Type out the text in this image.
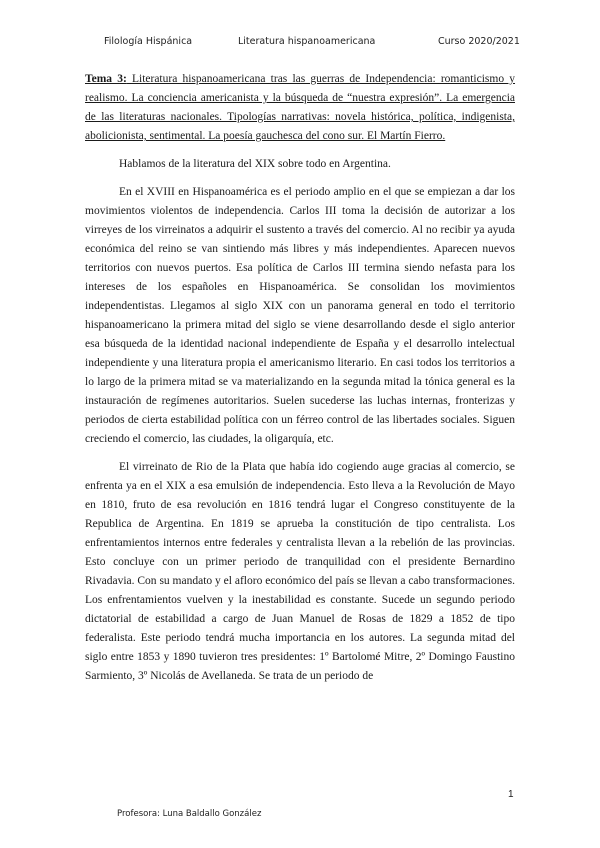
Filología Hispánica	Literatura hispanoamericana	Curso 2020/2021

Tema 3: Literatura hispanoamericana tras las guerras de Independencia: romanticismo y realismo. La conciencia americanista y la búsqueda de “nuestra expresión”. La emergencia de las literaturas nacionales. Tipologías narrativas: novela histórica, política, indigenista, abolicionista, sentimental. La poesía gauchesca del cono sur. El Martín Fierro.

Hablamos de la literatura del XIX sobre todo en Argentina.

En el XVIII en Hispanoamérica es el periodo amplio en el que se empiezan a dar los movimientos violentos de independencia. Carlos III toma la decisión de autorizar a los virreyes de los virreinatos a adquirir el sustento a través del comercio. Al no recibir ya ayuda económica del reino se van sintiendo más libres y más independientes. Aparecen nuevos territorios con nuevos puertos. Esa política de Carlos III termina siendo nefasta para los intereses de los españoles en Hispanoamérica. Se consolidan los movimientos independentistas. Llegamos al siglo XIX con un panorama general en todo el territorio hispanoamericano la primera mitad del siglo se viene desarrollando desde el siglo anterior esa búsqueda de la identidad nacional independiente de España y el desarrollo intelectual independiente y una literatura propia el americanismo literario. En casi todos los territorios a lo largo de la primera mitad se va materializando en la segunda mitad la tónica general es la instauración de regímenes autoritarios. Suelen sucederse las luchas internas, fronterizas y periodos de cierta estabilidad política con un férreo control de las libertades sociales. Siguen creciendo el comercio, las ciudades, la oligarquía, etc.

El virreinato de Rio de la Plata que había ido cogiendo auge gracias al comercio, se enfrenta ya en el XIX a esa emulsión de independencia. Esto lleva a la Revolución de Mayo en 1810, fruto de esa revolución en 1816 tendrá lugar el Congreso constituyente de la Republica de Argentina. En 1819 se aprueba la constitución de tipo centralista. Los enfrentamientos internos entre federales y centralista llevan a la rebelión de las provincias. Esto concluye con un primer periodo de tranquilidad con el presidente Bernardino Rivadavia. Con su mandato y el afloro económico del país se llevan a cabo transformaciones. Los enfrentamientos vuelven y la inestabilidad es constante. Sucede un segundo periodo dictatorial de estabilidad a cargo de Juan Manuel de Rosas de 1829 a 1852 de tipo federalista. Este periodo tendrá mucha importancia en los autores. La segunda mitad del siglo entre 1853 y 1890 tuvieron tres presidentes: 1º Bartolomé Mitre, 2º Domingo Faustino Sarmiento, 3º Nicolás de Avellaneda. Se trata de un periodo de

1
Profesora: Luna Baldallo González
